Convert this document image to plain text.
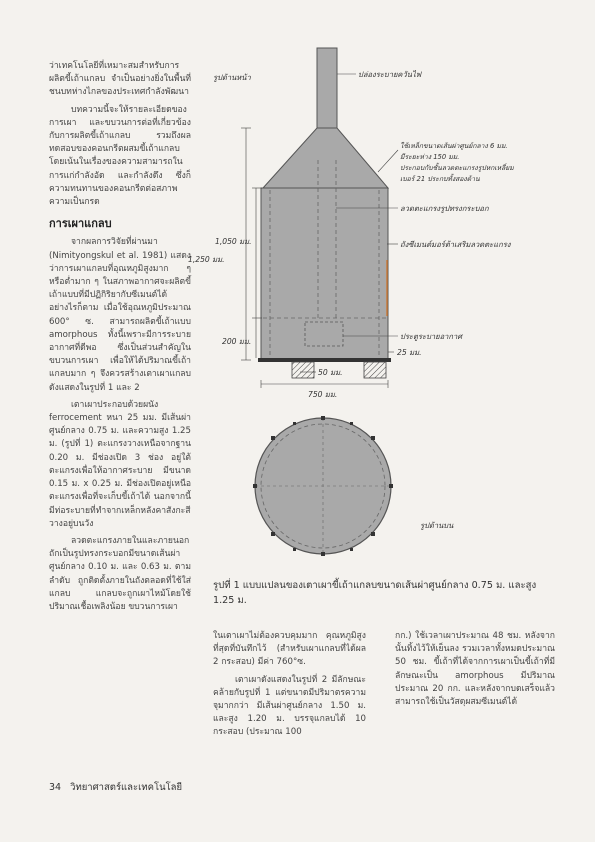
ว่าเทคโนโลยีที่เหมาะสมสำหรับการผลิตขี้เถ้าแกลบ จำเป็นอย่างยิ่งในพื้นที่ชนบทห่างไกลของประเทศกำลังพัฒนา

บทความนี้จะให้รายละเอียดของการเผา และขบวนการต่อที่เกี่ยวข้องกับการผลิตขี้เถ้าแกลบ รวมถึงผลทดสอบของคอนกรีตผสมขี้เถ้าแกลบ โดยเน้นในเรื่องของความสามารถในการแก่กำลังอัด และกำลังดึง ซึ่งก็ความทนทานของคอนกรีตต่อสภาพความเป็นกรด

การเผาแกลบ

จากผลการวิจัยที่ผ่านมา (Nimityongskul et al. 1981) แสดงว่าการเผาแกลบที่อุณหภูมิสูงมาก ๆ หรือต่ำมาก ๆ ในสภาพอากาศจะผลิตขี้เถ้าแบบที่มีปฏิกิริยากับซีเมนต์ได้ อย่างไรก็ตาม เมื่อใช้อุณหภูมิประมาณ 600° ซ. สามารถผลิตขี้เถ้าแบบ amorphous ทั้งนี้เพราะมีการระบายอากาศที่ดีพอ ซึ่งเป็นส่วนสำคัญในขบวนการเผา เพื่อให้ได้ปริมาณขี้เถ้าแกลบมาก ๆ จึงควรสร้างเตาเผาแกลบ ดังแสดงในรูปที่ 1 และ 2

เตาเผาประกอบด้วยผนัง ferrocement หนา 25 มม. มีเส้นผ่าศูนย์กลาง 0.75 ม. และความสูง 1.25 ม. (รูปที่ 1) ตะแกรงวางเหนือจากฐาน 0.20 ม. มีช่องเปิด 3 ช่อง อยู่ใต้ตะแกรงเพื่อให้อากาศระบาย มีขนาด 0.15 ม. x 0.25 ม. มีช่องเปิดอยู่เหนือตะแกรงเพื่อที่จะเก็บขี้เถ้าได้ นอกจากนี้มีท่อระบายที่ทำจากเหล็กหลังคาสังกะสีวางอยู่บนวัง

ลวดตะแกรงภายในและภายนอกถักเป็นรูปทรงกระบอกมีขนาดเส้นผ่าศูนย์กลาง 0.10 ม. และ 0.63 ม. ตามลำดับ ถูกติดตั้งภายในถังตลอดที่ใช้ใส่แกลบ แกลบจะถูกเผาไหม้โดยใช้ปริมาณเชื้อเพลิงน้อย ขบวนการเผา

รูปด้านหน้า	ปล่องระบายควันไฟ
ใช้เหล็กขนาดเส้นผ่าศูนย์กลาง 6 มม.
มีระยะห่าง 150 มม.
ประกอบกับชั้นลวดตะแกรงรูปหกเหลี่ยม
เบอร์ 21 ประกบทั้งสองด้าน
ลวดตะแกรงรูปทรงกระบอก
ถังซีเมนต์มอร์ต้าเสริมลวดตะแกรง
ประตูระบายอากาศ
1,050 มม.
1,250 มม.
200 มม.
50 มม.
25 มม.
750 มม.
รูปด้านบน
รูปที่ 1 แบบแปลนของเตาเผาขี้เถ้าแกลบขนาดเส้นผ่าศูนย์กลาง 0.75 ม. และสูง 1.25 ม.

ในเตาเผาไม่ต้องควบคุมมาก คุณหภูมิสูงที่สุดที่บันทึกไว้ (สำหรับเผาแกลบที่ได้ผล 2 กระสอบ) มีค่า 760°ซ.

เตาเผาดังแสดงในรูปที่ 2 มีลักษณะคล้ายกับรูปที่ 1 แต่ขนาดมีปริมาตรความจุมากกว่า มีเส้นผ่าศูนย์กลาง 1.50 ม. และสูง 1.20 ม. บรรจุแกลบได้ 10 กระสอบ (ประมาณ 100

กก.) ใช้เวลาเผาประมาณ 48 ชม. หลังจากนั้นทิ้งไว้ให้เย็นลง รวมเวลาทั้งหมดประมาณ 50 ชม. ขี้เถ้าที่ได้จากการเผาเป็นขี้เถ้าที่มีลักษณะเป็น amorphous มีปริมาณประมาณ 20 กก. และหลังจากบดเสร็จแล้วสามารถใช้เป็นวัสดุผสมซีเมนต์ได้

34 วิทยาศาสตร์และเทคโนโลยี
